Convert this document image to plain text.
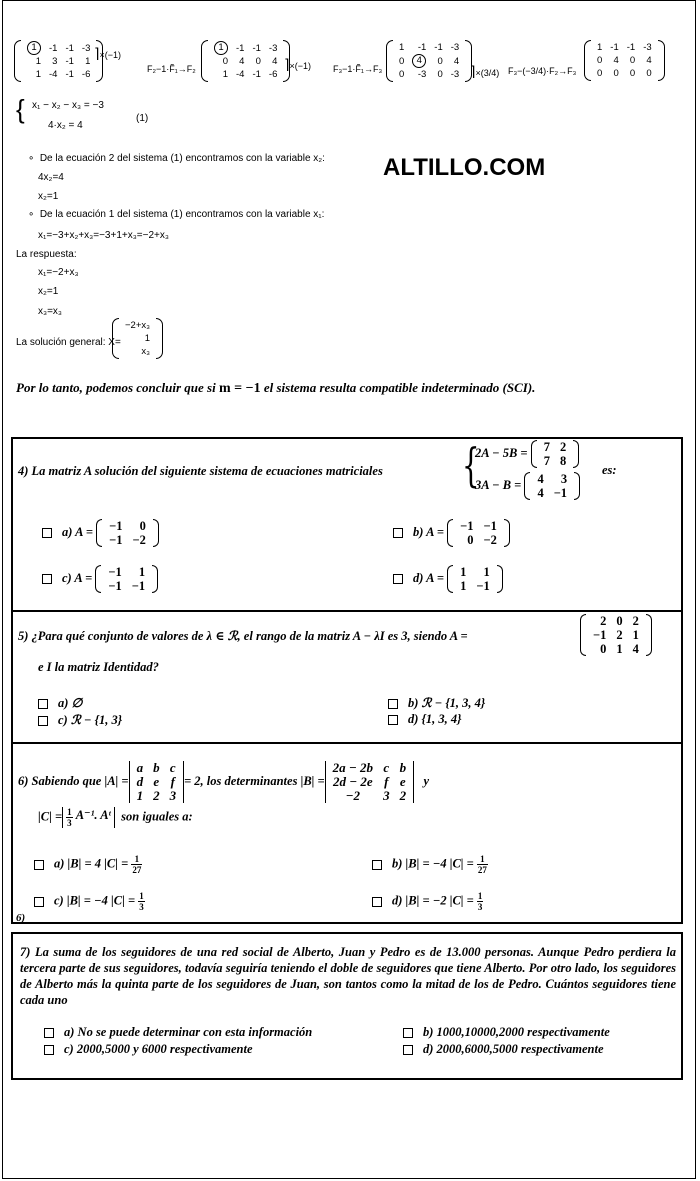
1	-1	-1	-3
1	3	-1	1
1	-4	-1	-6
⌉×(−1)
F₂−1·F̃₁→F₂
1	-1	-1	-3
0	4	0	4
1	-4	-1	-6
⌉×(−1) F₃−1·F̃₁→F₃
1	-1	-1	-3
0	4	0	4
0	-3	0	-3 ⌉×(3/4) F₃−(−3/4)·F₂→F₃
1	-1	-1	-3
0	4	0	4
0	0	0	0
{ x₁ − x₂ − x₃ = −3
4·x₂ = 4
(1)
ALTILLO.COM
∘  De la ecuación 2 del sistema (1) encontramos con la variable x₂:
4x₂=4
x₂=1
∘  De la ecuación 1 del sistema (1) encontramos con la variable x₁:
x₁=−3+x₂+x₃=−3+1+x₃=−2+x₃
La respuesta:
x₁=−2+x₃
x₂=1
x₃=x₃
La solución general: X=
−2+x₃
1
x₃
Por lo tanto, podemos concluir que si m = −1 el sistema resulta compatible indeterminado (SCI).
4) La matriz A solución del siguiente sistema de ecuaciones matriciales {
2A − 5B = 7	2
7	8
3A − B = 4	3
4	−1
es:
a) A = −1	0
−1	−2
b) A = −1	−1
0	−2
c) A = −1	1
−1	−1
d) A = 1	1
1	−1
5) ¿Para qué conjunto de valores de λ ∈ ℛ, el rango de la matriz A − λI es 3, siendo A =
2	0	2
−1	2	1
0	1	4
e I la matriz Identidad?
a) ∅	b) ℛ − {1, 3, 4}
c) ℛ − {1, 3}	d) {1, 3, 4}
6) Sabiendo que |A| =
a	b	c
d	e	f
1	2	3
= 2, los determinantes |B| =
2a − 2b	c	b
2d − 2e	f	e
−2	3	2
y
$|C| = \frac{1}{3}$
A⁻¹. Aᵗ son iguales a:
a) |B| = 4 $|C| = \frac{1}{27}$	b) |B| = −4 $|C| = \frac{1}{27}$
c) |B| = −4 $|C| = \frac{1}{3}$	d) |B| = −2 $|C| = \frac{1}{3}$
6)
7) La suma de los seguidores de una red social de Alberto, Juan y Pedro es de 13.000 personas. Aunque Pedro perdiera la tercera parte de sus seguidores, todavía seguiría teniendo el doble de seguidores que tiene Alberto. Por otro lado, los seguidores de Alberto más la quinta parte de los seguidores de Juan, son tantos como la mitad de los de Pedro. Cuántos seguidores tiene cada uno
a) No se puede determinar con esta información	b) 1000,10000,2000 respectivamente
c) 2000,5000 y 6000 respectivamente	d) 2000,6000,5000 respectivamente
